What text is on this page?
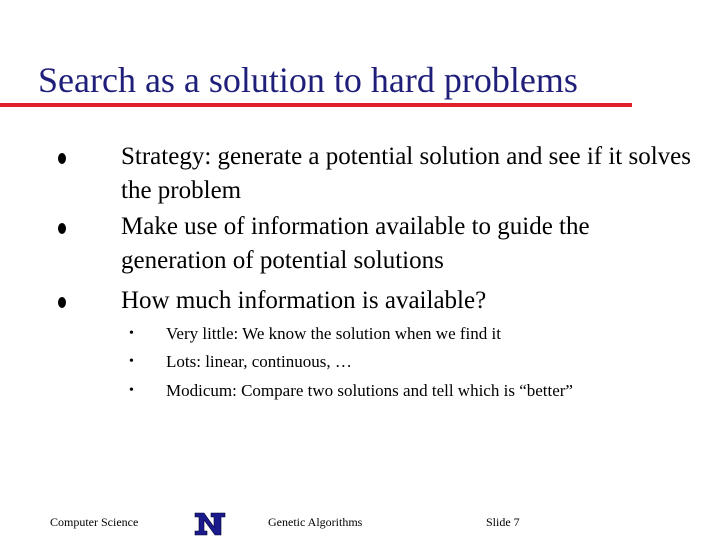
Search as a solution to hard problems
Strategy: generate a potential solution and see if it solves the problem
Make use of information available to guide the generation of potential solutions
How much information is available?
• Very little: We know the solution when we find it
• Lots: linear, continuous, …
• Modicum: Compare two solutions and tell which is “better”
Computer Science	Genetic Algorithms	Slide 7
